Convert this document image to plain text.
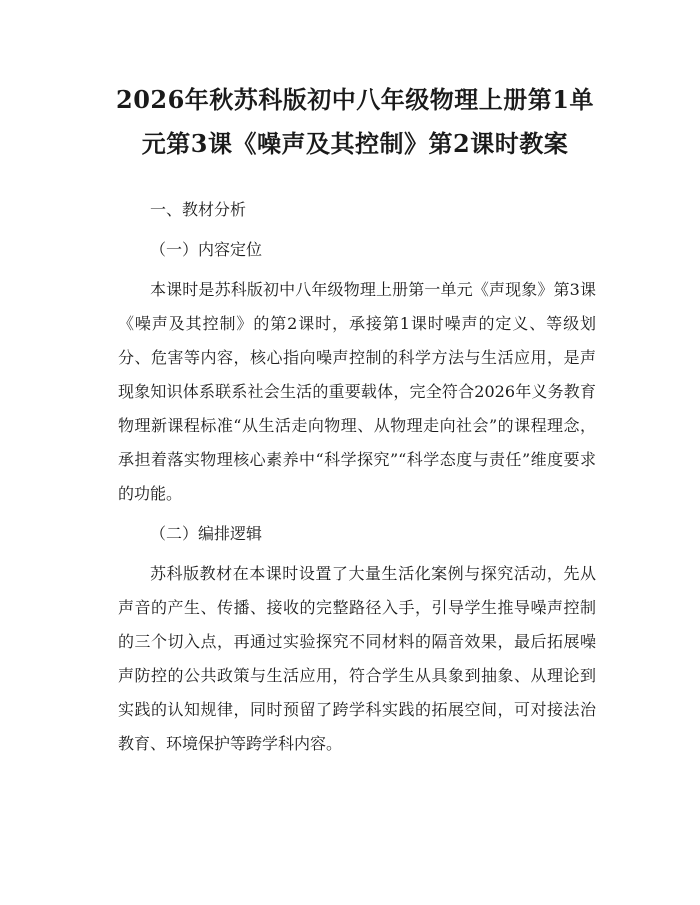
2026年秋苏科版初中八年级物理上册第1单元第3课《噪声及其控制》第2课时教案

一、教材分析

（一）内容定位

本课时是苏科版初中八年级物理上册第一单元《声现象》第3课《噪声及其控制》的第2课时，承接第1课时噪声的定义、等级划分、危害等内容，核心指向噪声控制的科学方法与生活应用，是声现象知识体系联系社会生活的重要载体，完全符合2026年义务教育物理新课程标准“从生活走向物理、从物理走向社会”的课程理念，承担着落实物理核心素养中“科学探究”“科学态度与责任”维度要求的功能。

（二）编排逻辑

苏科版教材在本课时设置了大量生活化案例与探究活动，先从声音的产生、传播、接收的完整路径入手，引导学生推导噪声控制的三个切入点，再通过实验探究不同材料的隔音效果，最后拓展噪声防控的公共政策与生活应用，符合学生从具象到抽象、从理论到实践的认知规律，同时预留了跨学科实践的拓展空间，可对接法治教育、环境保护等跨学科内容。
